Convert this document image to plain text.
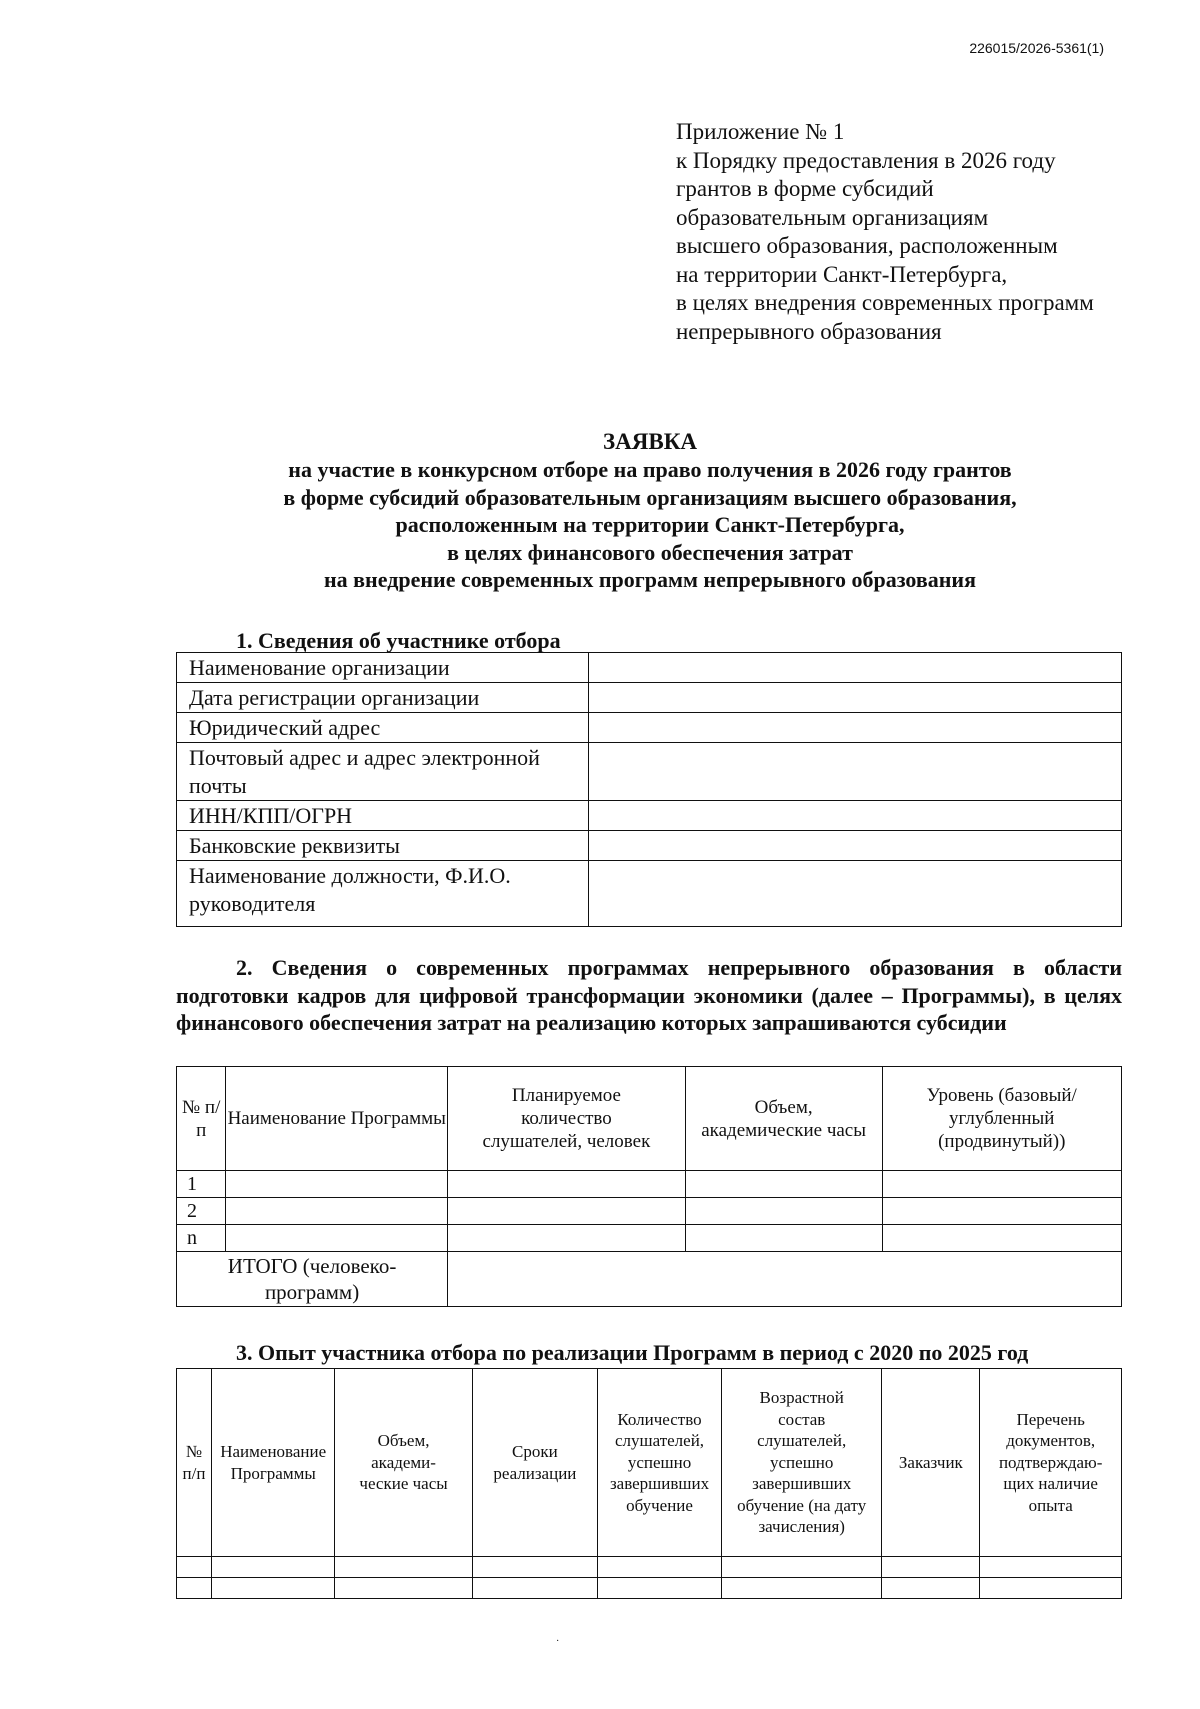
226015/2026-5361(1)
Приложение № 1
к Порядку предоставления в 2026 году
грантов в форме субсидий
образовательным организациям
высшего образования, расположенным
на территории Санкт-Петербурга,
в целях внедрения современных программ
непрерывного образования
ЗАЯВКА
на участие в конкурсном отборе на право получения в 2026 году грантов
в форме субсидий образовательным организациям высшего образования,
расположенным на территории Санкт-Петербурга,
в целях финансового обеспечения затрат
на внедрение современных программ непрерывного образования
1. Сведения об участнике отбора
Наименование организации	
Дата регистрации организации	
Юридический адрес	
Почтовый адрес и адрес электронной почты	
ИНН/КПП/ОГРН	
Банковские реквизиты	
Наименование должности, Ф.И.О. руководителя	
2. Сведения о современных программах непрерывного образования в области подготовки кадров для цифровой трансформации экономики (далее – Программы), в целях финансового обеспечения затрат на реализацию которых запрашиваются субсидии
№ п/п	Наименование Программы	Планируемое количество слушателей, человек	Объем, академические часы	Уровень (базовый/ углубленный (продвинутый))
1				
2				
n				

ИТОГО (человеко-программ)				

3. Опыт участника отбора по реализации Программ в период с 2020 по 2025 год
№ п/п	Наименование Программы	Объем, академи-ческие часы	Сроки реализации	Количество слушателей, успешно завершивших обучение	Возрастной состав слушателей, успешно завершивших обучение (на дату зачисления)	Заказчик	Перечень документов, подтверждаю-щих наличие опыта

·
